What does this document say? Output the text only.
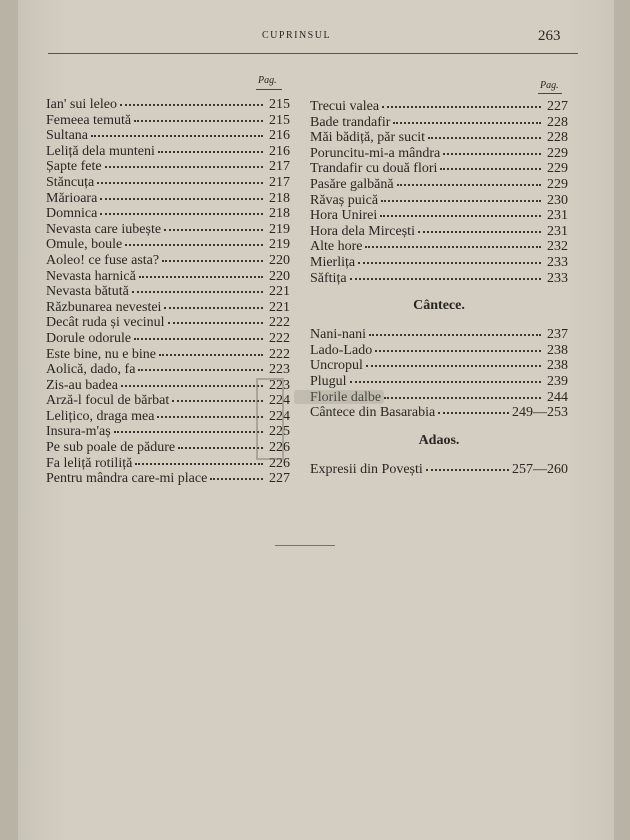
CUPRINSUL	263
Pag.	Pag.
Ian' sui leleo	215
Femeea temută	215
Sultana	216
Leliță dela munteni	216
Șapte fete	217
Stăncuța	217
Mărioara	218
Domnica	218
Nevasta care iubește	219
Omule, boule	219
Aoleo! ce fuse asta?	220
Nevasta harnică	220
Nevasta bătută	221
Răzbunarea nevestei	221
Decât ruda și vecinul	222
Dorule odorule	222
Este bine, nu e bine	222
Aolică, dado, fa	223
Zis-au badea	223
Arză-l focul de bărbat	224
Lelițico, draga mea	224
Insura-m'aș	225
Pe sub poale de pădure	226
Fa leliță rotiliță	226
Pentru mândra care-mi place	227
Trecui valea	227
Bade trandafir	228
Măi bădiță, păr sucit	228
Poruncitu-mi-a mândra	229
Trandafir cu două flori	229
Pasăre galbănă	229
Răvaș puică	230
Hora Unirei	231
Hora dela Mircești	231
Alte hore	232
Mierlița	233
Săftița	233
Cântece.
Nani-nani	237
Lado-Lado	238
Uncropul	238
Plugul	239
Florile dalbe	244
Cântece din Basarabia	249—253
Adaos.
Expresii din Povești	257—260
